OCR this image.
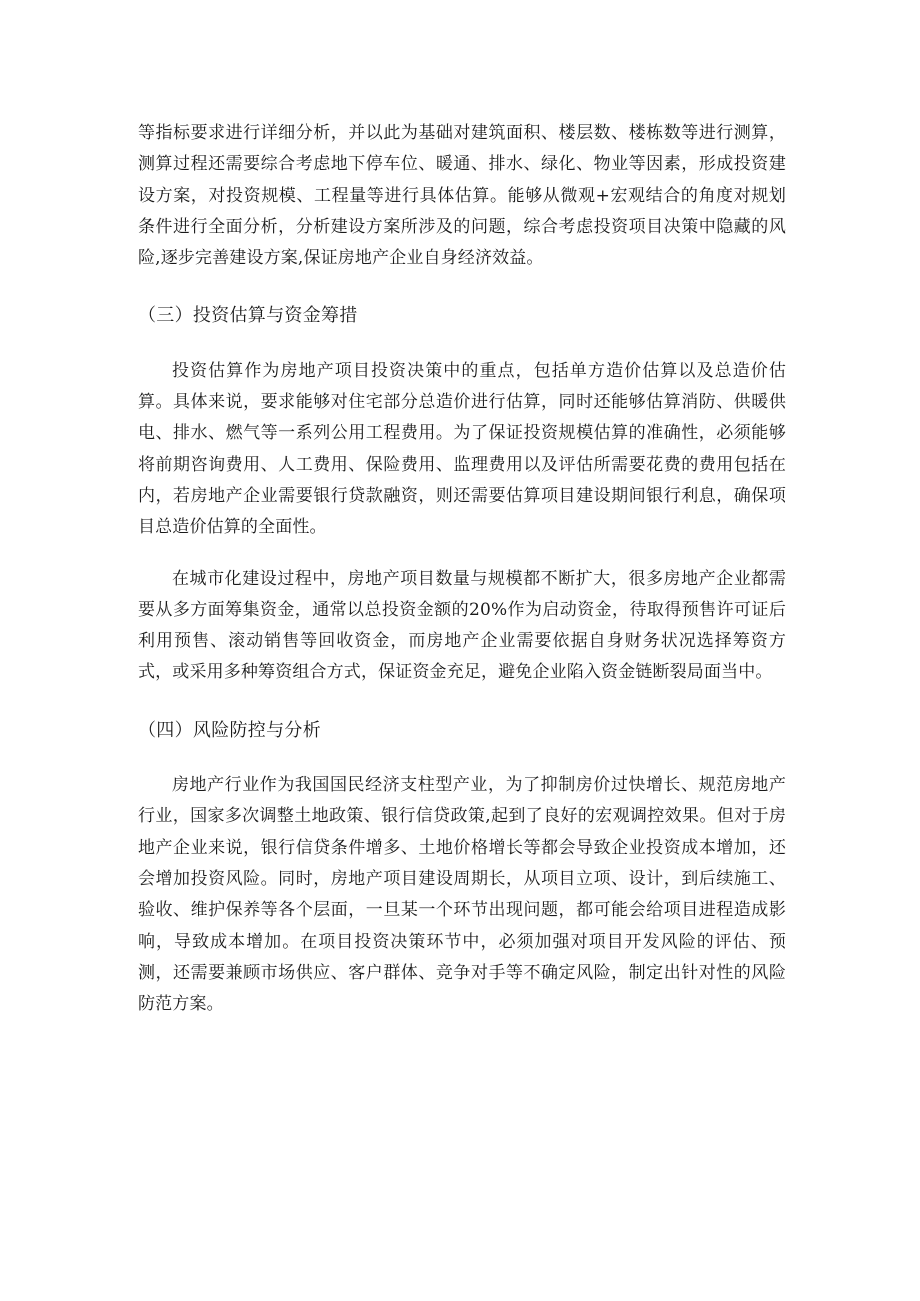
等指标要求进行详细分析，并以此为基础对建筑面积、楼层数、楼栋数等进行测算，测算过程还需要综合考虑地下停车位、暖通、排水、绿化、物业等因素，形成投资建设方案，对投资规模、工程量等进行具体估算。能够从微观+宏观结合的角度对规划条件进行全面分析，分析建设方案所涉及的问题，综合考虑投资项目决策中隐藏的风险,逐步完善建设方案,保证房地产企业自身经济效益。

（三）投资估算与资金筹措

投资估算作为房地产项目投资决策中的重点，包括单方造价估算以及总造价估算。具体来说，要求能够对住宅部分总造价进行估算，同时还能够估算消防、供暖供电、排水、燃气等一系列公用工程费用。为了保证投资规模估算的准确性，必须能够将前期咨询费用、人工费用、保险费用、监理费用以及评估所需要花费的费用包括在内，若房地产企业需要银行贷款融资，则还需要估算项目建设期间银行利息，确保项目总造价估算的全面性。

在城市化建设过程中，房地产项目数量与规模都不断扩大，很多房地产企业都需要从多方面筹集资金，通常以总投资金额的20%作为启动资金，待取得预售许可证后利用预售、滚动销售等回收资金，而房地产企业需要依据自身财务状况选择筹资方式，或采用多种筹资组合方式，保证资金充足，避免企业陷入资金链断裂局面当中。

（四）风险防控与分析

房地产行业作为我国国民经济支柱型产业，为了抑制房价过快增长、规范房地产行业，国家多次调整土地政策、银行信贷政策,起到了良好的宏观调控效果。但对于房地产企业来说，银行信贷条件增多、土地价格增长等都会导致企业投资成本增加，还会增加投资风险。同时，房地产项目建设周期长，从项目立项、设计，到后续施工、验收、维护保养等各个层面，一旦某一个环节出现问题，都可能会给项目进程造成影响，导致成本增加。在项目投资决策环节中，必须加强对项目开发风险的评估、预测，还需要兼顾市场供应、客户群体、竞争对手等不确定风险，制定出针对性的风险防范方案。
